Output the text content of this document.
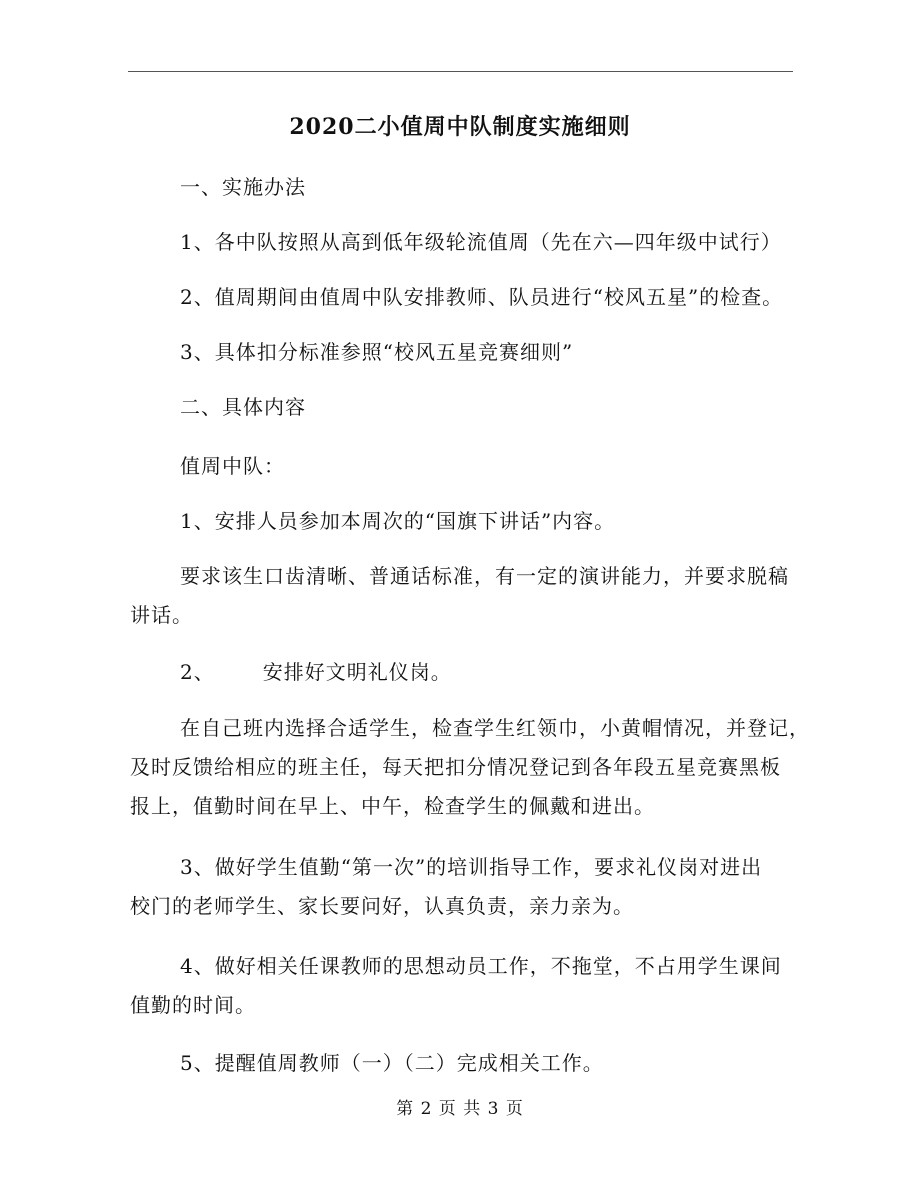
2020二小值周中队制度实施细则
一、实施办法
1、各中队按照从高到低年级轮流值周（先在六—四年级中试行）
2、值周期间由值周中队安排教师、队员进行“校风五星”的检查。
3、具体扣分标准参照“校风五星竞赛细则”
二、具体内容
值周中队：
1、安排人员参加本周次的“国旗下讲话”内容。
要求该生口齿清晰、普通话标准，有一定的演讲能力，并要求脱稿
讲话。
2、 安排好文明礼仪岗。
在自己班内选择合适学生，检查学生红领巾，小黄帽情况，并登记，
及时反馈给相应的班主任，每天把扣分情况登记到各年段五星竞赛黑板
报上，值勤时间在早上、中午，检查学生的佩戴和进出。
3、做好学生值勤“第一次”的培训指导工作，要求礼仪岗对进出
校门的老师学生、家长要问好，认真负责，亲力亲为。
4、做好相关任课教师的思想动员工作，不拖堂，不占用学生课间
值勤的时间。
5、提醒值周教师（一）（二）完成相关工作。
第 2 页 共 3 页
